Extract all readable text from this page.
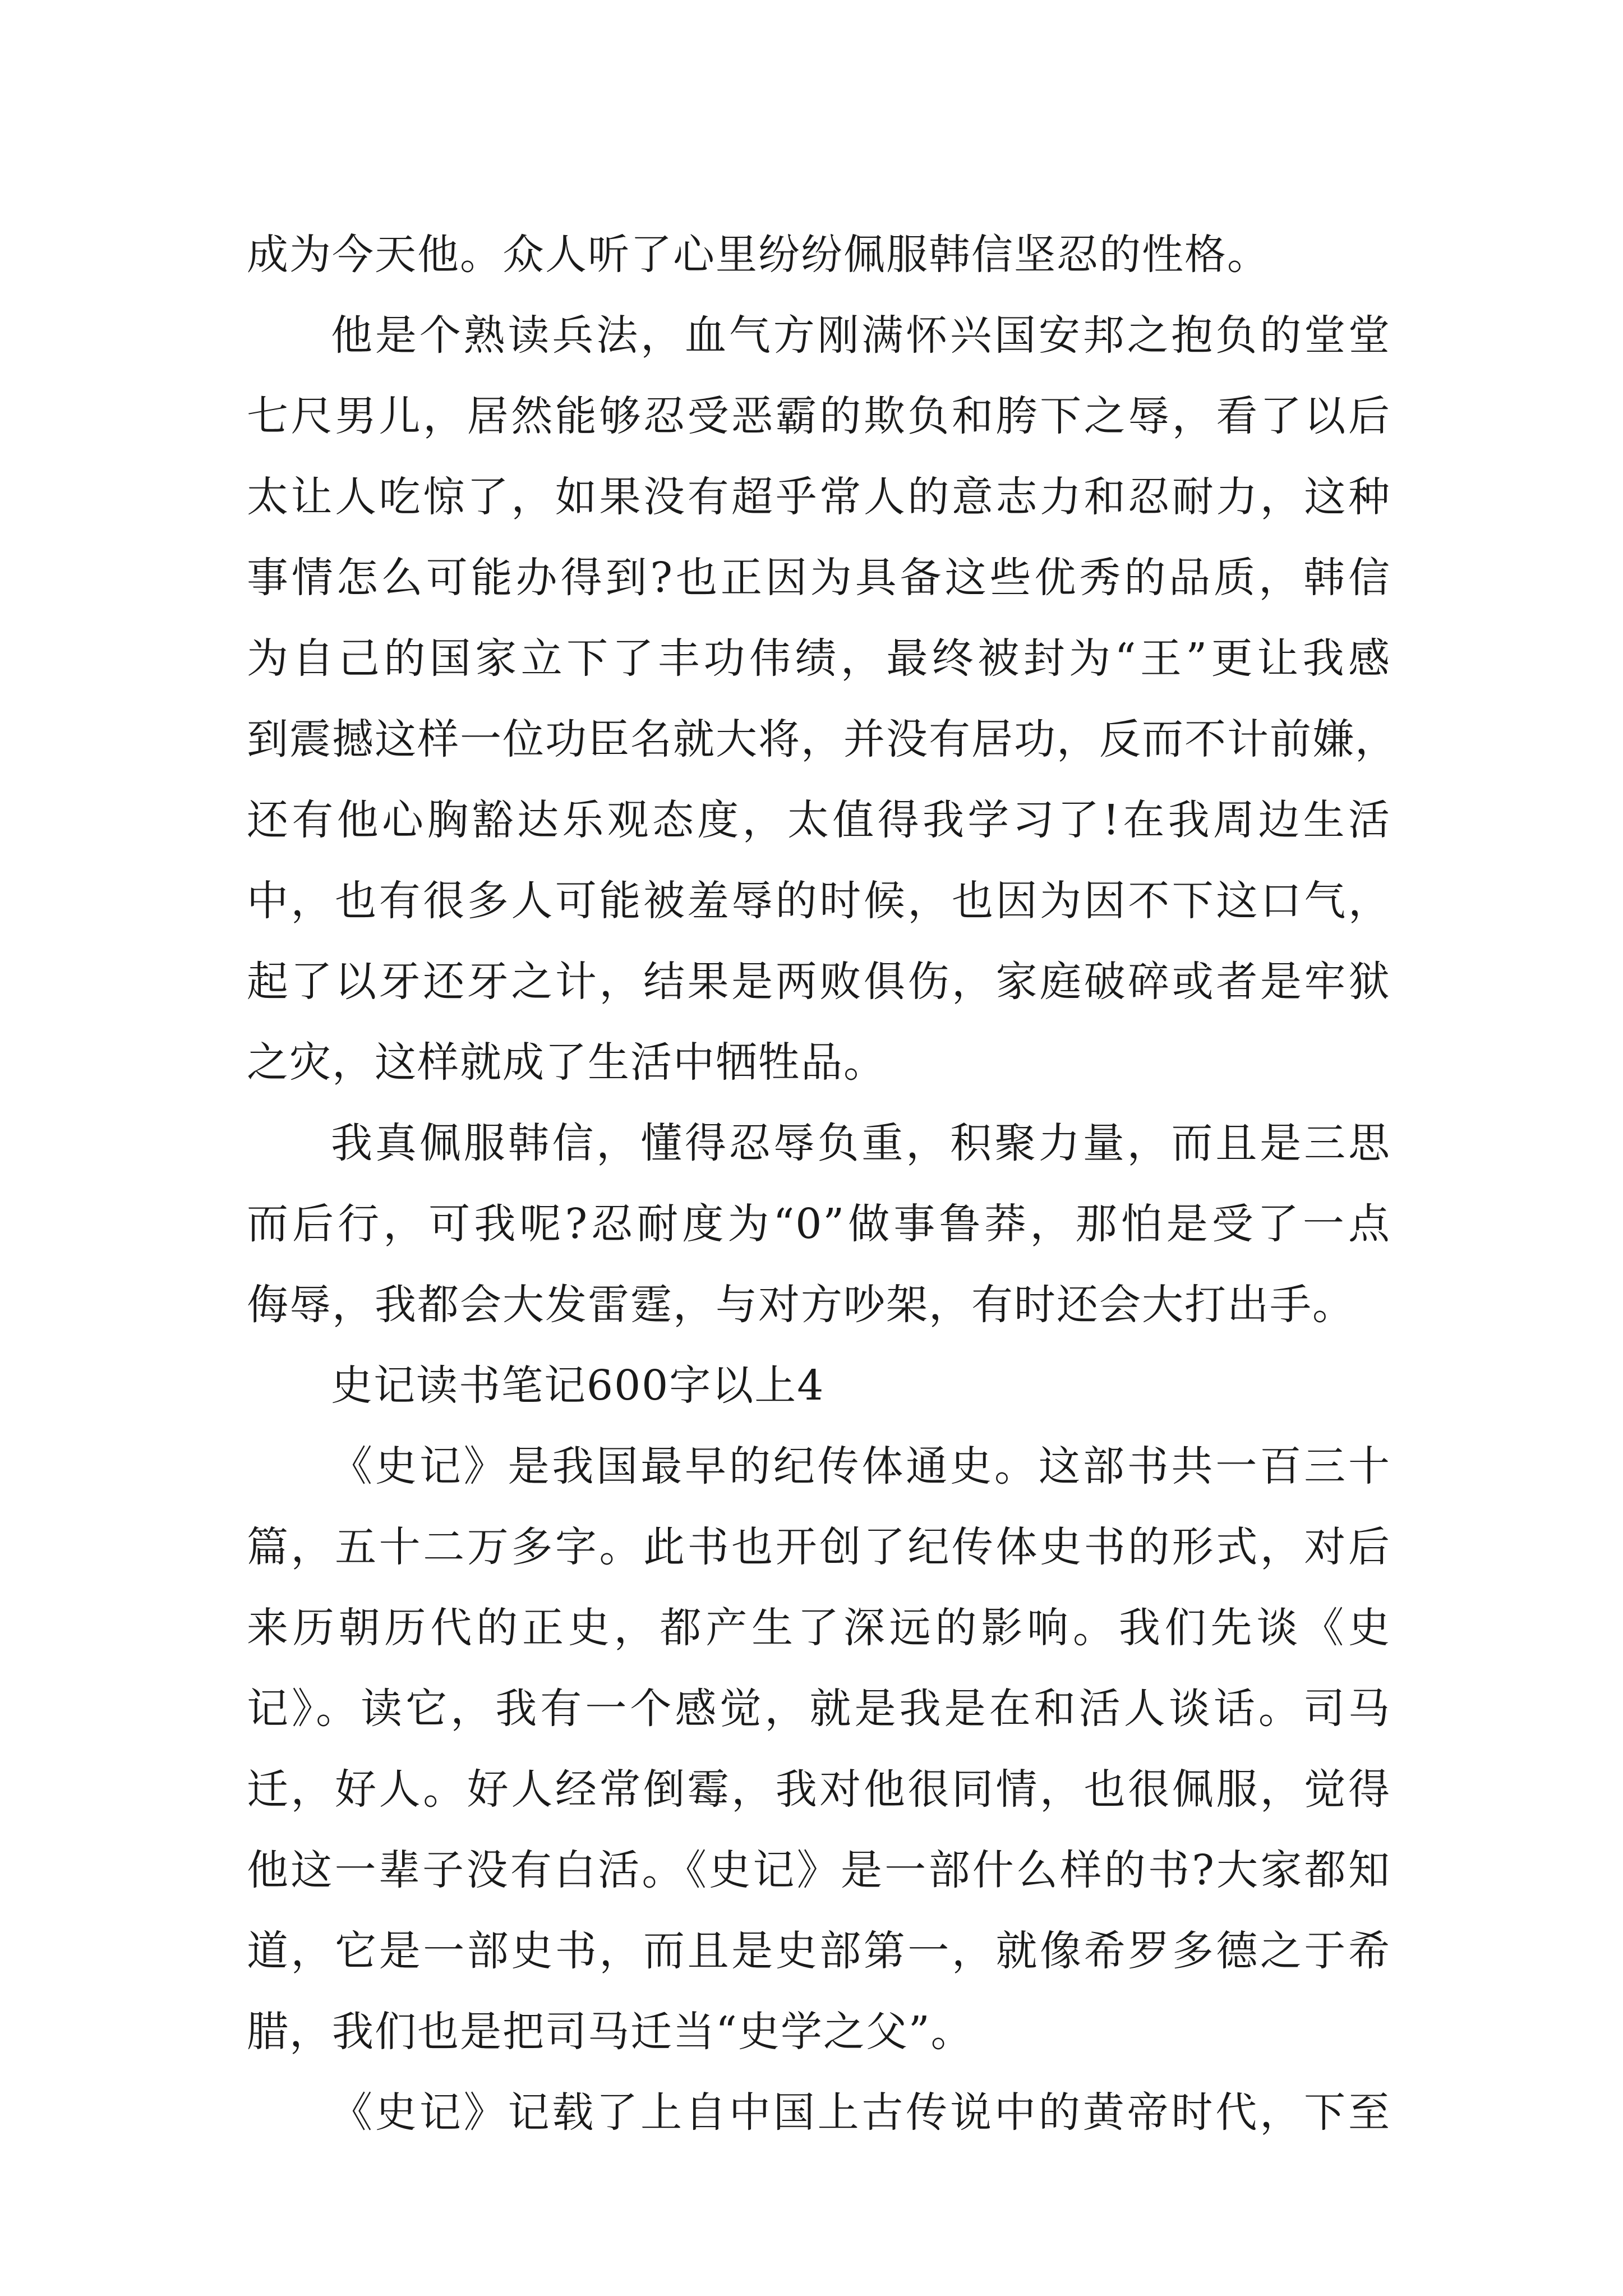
成为今天他。众人听了心里纷纷佩服韩信坚忍的性格。
他是个熟读兵法，血气方刚满怀兴国安邦之抱负的堂堂
七尺男儿，居然能够忍受恶霸的欺负和胯下之辱，看了以后
太让人吃惊了，如果没有超乎常人的意志力和忍耐力，这种
事情怎么可能办得到?也正因为具备这些优秀的品质，韩信
为自己的国家立下了丰功伟绩，最终被封为“王”更让我感
到震撼这样一位功臣名就大将，并没有居功，反而不计前嫌，
还有他心胸豁达乐观态度，太值得我学习了!在我周边生活
中，也有很多人可能被羞辱的时候，也因为因不下这口气，
起了以牙还牙之计，结果是两败俱伤，家庭破碎或者是牢狱
之灾，这样就成了生活中牺牲品。
我真佩服韩信，懂得忍辱负重，积聚力量，而且是三思
而后行，可我呢?忍耐度为“0”做事鲁莽，那怕是受了一点
侮辱，我都会大发雷霆，与对方吵架，有时还会大打出手。
史记读书笔记600字以上4
《史记》是我国最早的纪传体通史。这部书共一百三十
篇，五十二万多字。此书也开创了纪传体史书的形式，对后
来历朝历代的正史，都产生了深远的影响。我们先谈《史
记》。读它，我有一个感觉，就是我是在和活人谈话。司马
迁，好人。好人经常倒霉，我对他很同情，也很佩服，觉得
他这一辈子没有白活。《史记》是一部什么样的书?大家都知
道，它是一部史书，而且是史部第一，就像希罗多德之于希
腊，我们也是把司马迁当“史学之父”。
《史记》记载了上自中国上古传说中的黄帝时代，下至
